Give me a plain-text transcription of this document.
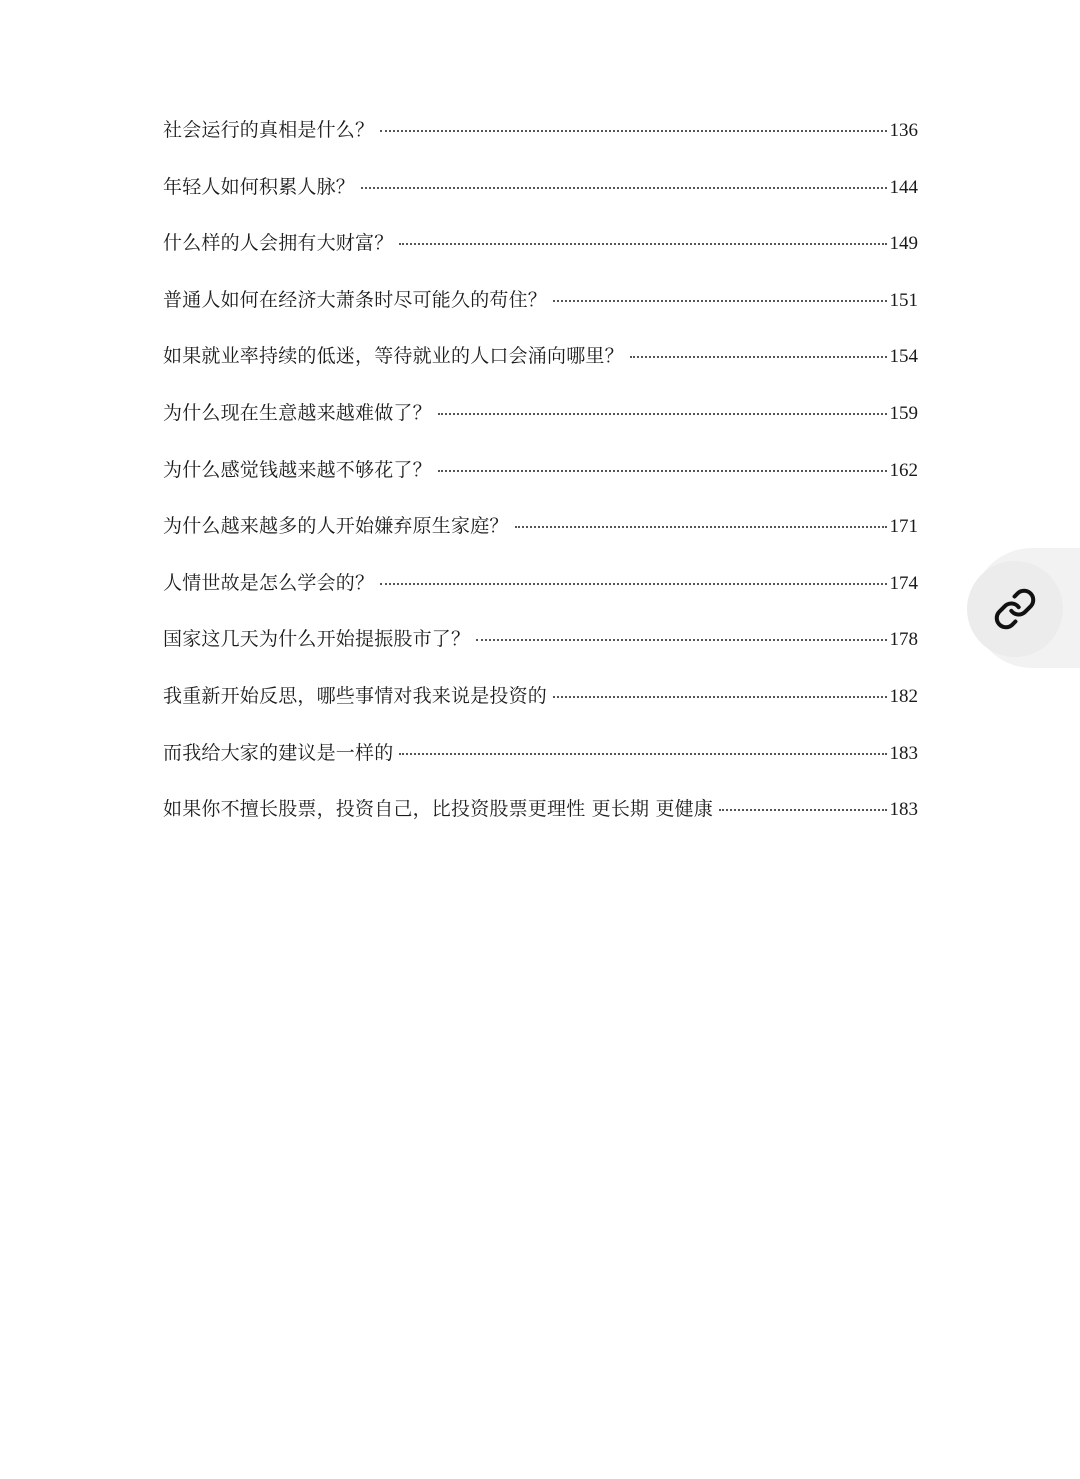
社会运行的真相是什么？	136
年轻人如何积累人脉？	144
什么样的人会拥有大财富？	149
普通人如何在经济大萧条时尽可能久的苟住？	151
如果就业率持续的低迷，等待就业的人口会涌向哪里？	154
为什么现在生意越来越难做了？	159
为什么感觉钱越来越不够花了？	162
为什么越来越多的人开始嫌弃原生家庭？	171
人情世故是怎么学会的？	174
国家这几天为什么开始提振股市了？	178
我重新开始反思，哪些事情对我来说是投资的	182
而我给大家的建议是一样的	183
如果你不擅长股票，投资自己，比投资股票更理性 更长期 更健康	183
